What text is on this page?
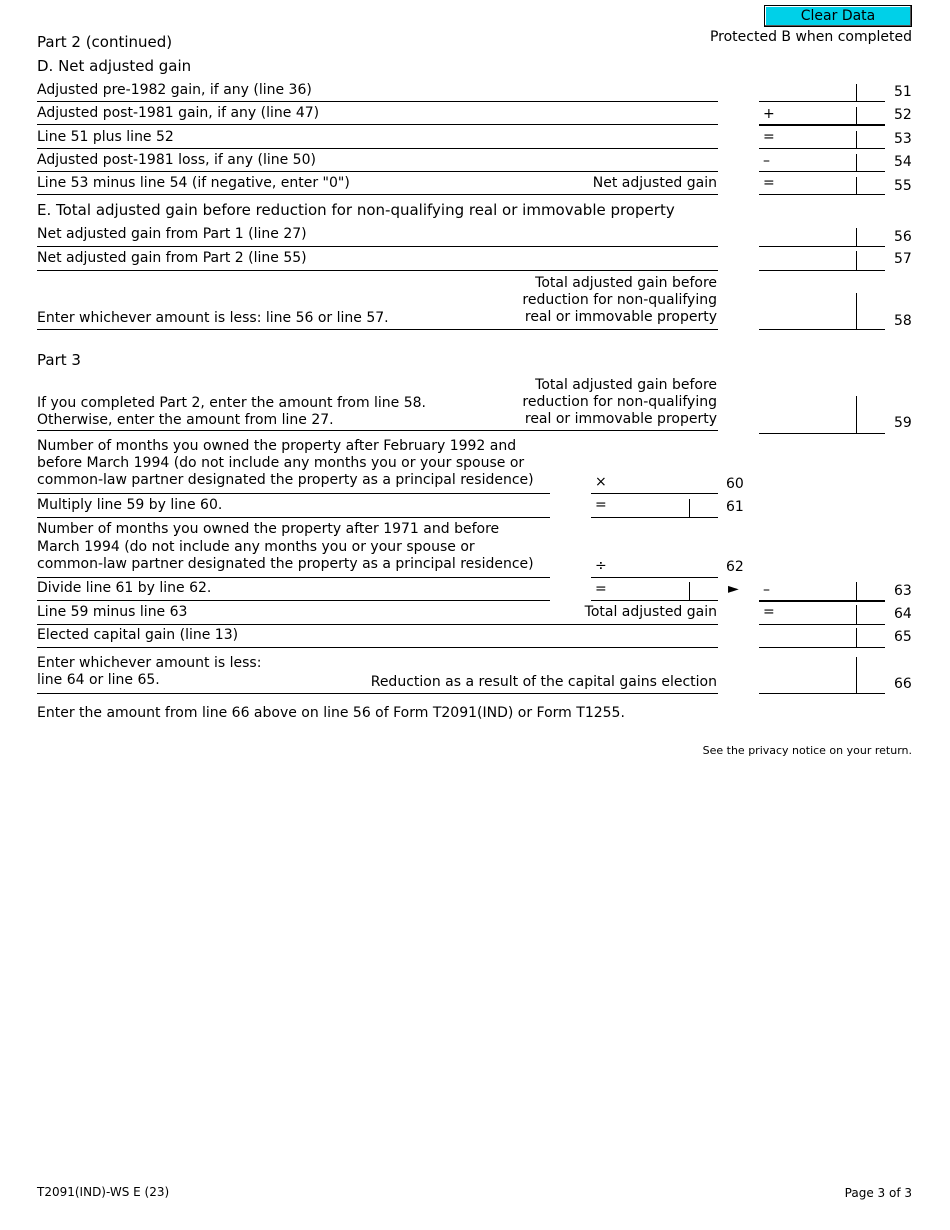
Clear Data
Protected B when completed
Part 2 (continued)
D. Net adjusted gain
Adjusted pre-1982 gain, if any (line 36)	51
Adjusted post-1981 gain, if any (line 47)	+	52
Line 51 plus line 52	=	53
Adjusted post-1981 loss, if any (line 50)	–	54
Line 53 minus line 54 (if negative, enter "0")	Net adjusted gain	=	55
E. Total adjusted gain before reduction for non-qualifying real or immovable property
Net adjusted gain from Part 1 (line 27)	56
Net adjusted gain from Part 2 (line 55)	57
Total adjusted gain before
reduction for non-qualifying
real or immovable property
Enter whichever amount is less: line 56 or line 57.	58
Part 3
Total adjusted gain before
reduction for non-qualifying
real or immovable property
If you completed Part 2, enter the amount from line 58.
Otherwise, enter the amount from line 27.	59
Number of months you owned the property after February 1992 and
before March 1994 (do not include any months you or your spouse or
common-law partner designated the property as a principal residence)	×	60
Multiply line 59 by line 60.	=	61
Number of months you owned the property after 1971 and before
March 1994 (do not include any months you or your spouse or
common-law partner designated the property as a principal residence)	÷	62
Divide line 61 by line 62.	=	► –	63
Line 59 minus line 63	Total adjusted gain	=	64
Elected capital gain (line 13)	65
Enter whichever amount is less:
line 64 or line 65.	Reduction as a result of the capital gains election	66
Enter the amount from line 66 above on line 56 of Form T2091(IND) or Form T1255.
See the privacy notice on your return.
T2091(IND)-WS E (23)	Page 3 of 3
